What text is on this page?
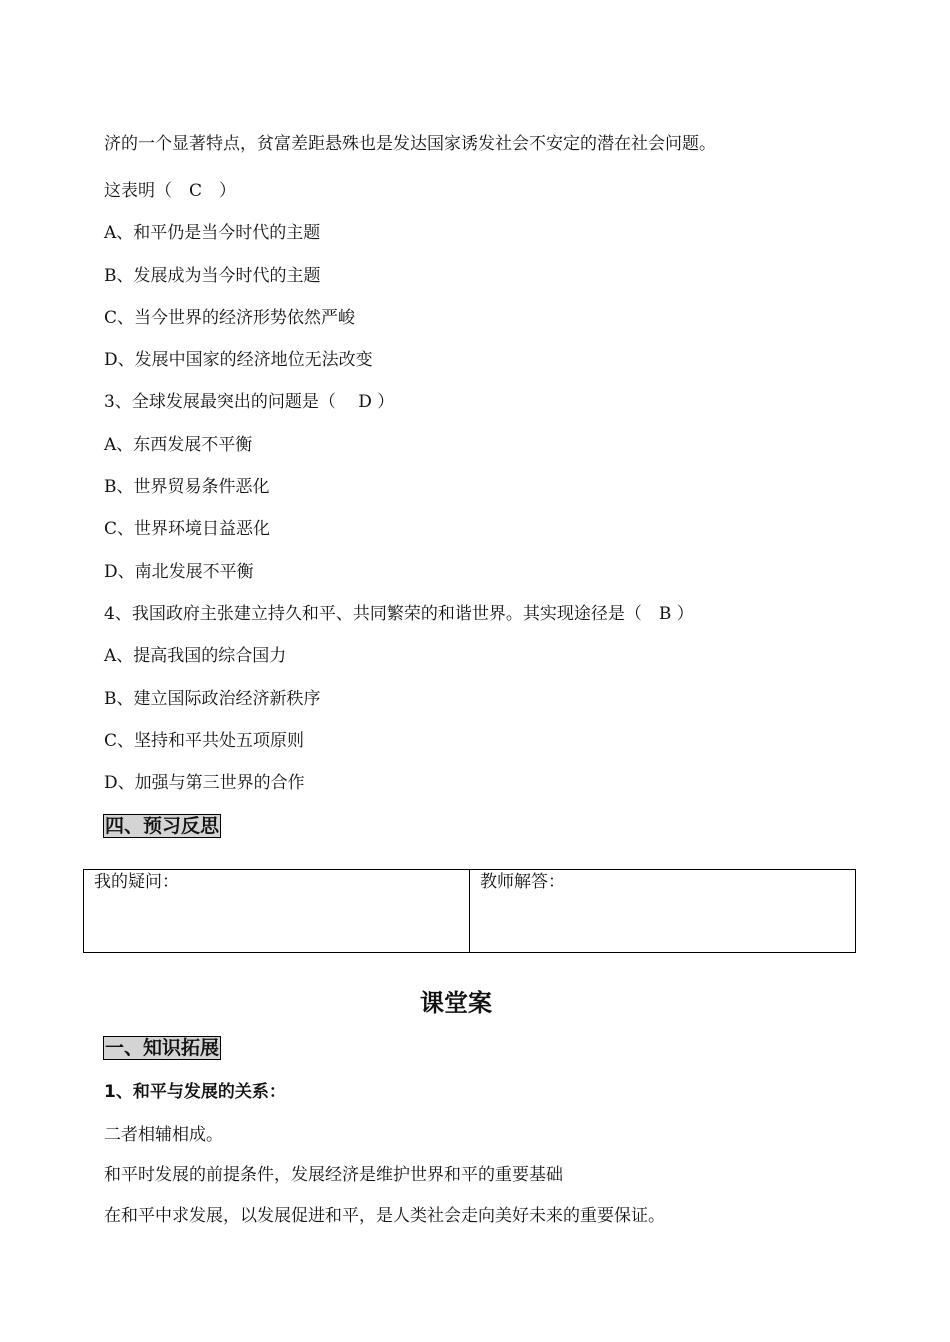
济的一个显著特点，贫富差距悬殊也是发达国家诱发社会不安定的潜在社会问题。
这表明（　C　）
A、和平仍是当今时代的主题
B、发展成为当今时代的主题
C、当今世界的经济形势依然严峻
D、发展中国家的经济地位无法改变
3、全球发展最突出的问题是（　 D ）
A、东西发展不平衡
B、世界贸易条件恶化
C、世界环境日益恶化
D、南北发展不平衡
4、我国政府主张建立持久和平、共同繁荣的和谐世界。其实现途径是（　B ）
A、提高我国的综合国力
B、建立国际政治经济新秩序
C、坚持和平共处五项原则
D、加强与第三世界的合作
四、预习反思
我的疑问：	教师解答：
课堂案
一、知识拓展
1、和平与发展的关系：
二者相辅相成。
和平时发展的前提条件，发展经济是维护世界和平的重要基础
在和平中求发展，以发展促进和平，是人类社会走向美好未来的重要保证。
